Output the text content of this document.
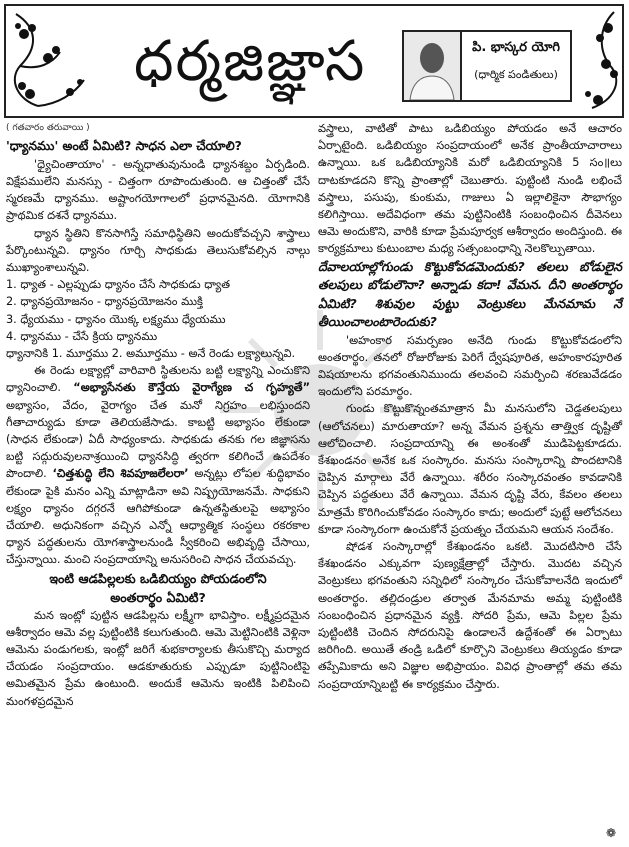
ధర్మజిజ్ఞాస	పి. భాస్కర యోగి
(ధార్మిక పండితులు)

( గతవారం తరువాయి )

'ధ్యానము' అంటే ఏమిటి? సాధన ఎలా చేయాలి?

'ధ్యైచింతాయాం' - అన్నధాతువునుండి ధ్యానశబ్దం ఏర్పడింది. విక్షేపములేని మనస్సు - చిత్తంగా రూపొందుతుంది. ఆ చిత్తంతో చేసే స్మరణమే ధ్యానము. అష్టాంగయోగాలలో ప్రధానమైనది. యోగానికి ప్రాథమిక దశనే ధ్యానము.

ధ్యాన స్థితిని కొనసాగిస్తే సమాధిస్థితిని అందుకోవచ్చని శాస్త్రాలు పేర్కొంటున్నవి. ధ్యానం గూర్చి సాధకుడు తెలుసుకోవల్సిన నాల్గు ముఖ్యాంశాలున్నవి.

1. ధ్యాత - ఎల్లప్పుడు ధ్యానం చేసే సాధకుడు ధ్యాత

2. ధ్యానప్రయోజనం - ధ్యానప్రయోజనం ముక్తి

3. ధ్యేయము - ధ్యానం యొక్క లక్ష్యము ధ్యేయము

4. ధ్యానము - చేసే క్రియ ధ్యానము

ధ్యానానికి 1. మూర్తము 2. అమూర్తము - అనే రెండు లక్ష్యాలున్నవి.

ఈ రెండు లక్ష్యాల్లో వారివారి స్థితులను బట్టి లక్ష్యాన్ని ఎంచుకొని ధ్యానించాలి. “అభ్యాసేనతు కౌన్తేయ వైరాగ్యేణ చ గృహ్యతే” అభ్యాసం, వేదం, వైరాగ్యం చేత మనో నిగ్రహం లభిస్తుందని గీతాచార్యుడు కూడా తెలియజేసాడు. కాబట్టి అభ్యాసం లేకుండా (సాధన లేకుండా) ఏదీ సాధ్యంకాదు. సాధకుడు తనకు గల జిజ్ఞాసను బట్టి సద్గురువులనాశ్రయించి ధ్యానసిద్ధి త్వరగా కలిగించే ఉపదేశం పొందాలి. ‘చిత్తశుద్ధి లేని శివపూజలేలరా’ అన్నట్లు లోపల శుద్ధిభావం లేకుండా పైకి మనం ఎన్ని మాట్లాడినా అవి నిష్ప్రయోజనమే. సాధకుని లక్ష్యం ధ్యానం దగ్గరనే ఆగిపోకుండా ఉన్నతస్థితులపై అభ్యాసం చేయాలి. అధునికంగా వచ్చిన ఎన్నో ఆధ్యాత్మిక సంస్థలు రకరకాల ధ్యాన పద్ధతులను యోగశాస్త్రాలనుండి స్వీకరించి అభివృద్ధి చేసాయి, చేస్తున్నాయి. మంచి సంప్రదాయాన్ని అనుసరించి సాధన చేయవచ్చు.

ఇంటి ఆడపిల్లలకు ఒడిబియ్యం పోయడంలోని
అంతరార్థం ఏమిటి?

మన ఇంట్లో పుట్టిన ఆడపిల్లను లక్ష్మీగా భావిస్తాం. లక్ష్మీప్రదమైన ఆశీర్వాదం ఆమె వల్ల పుట్టింటికి కలుగుతుంది. ఆమె మెట్టినింటికి వెళ్లినా ఆమెను పండుగలకు, ఇంట్లో జరిగే శుభకార్యాలకు తీసుకొచ్చి మర్యాద చేయడం సంప్రదాయం. ఆడకూతురుకు ఎప్పుడూ పుట్టినింటిపై అమితమైన ప్రేమ ఉంటుంది. అందుకే ఆమెను ఇంటికి పిలిపించి మంగళప్రదమైన

వస్త్రాలు, వాటితో పాటు ఒడిబియ్యం పోయడం అనే ఆచారం ఏర్పాటైంది. ఒడిబియ్యం సంప్రదాయంలో అనేక ప్రాంతీయాచారాలు ఉన్నాయి. ఒక ఒడిబియ్యానికి మరో ఒడిబియ్యానికి 5 సం॥లు దాటకూడదని కొన్ని ప్రాంతాల్లో చెబుతారు. పుట్టింటి నుండి లభించే వస్త్రాలు, పసుపు, కుంకుమ, గాజులు ఏ ఇల్లాలికైనా సౌభాగ్యం కలిగిస్తాయి. అదేవిధంగా తమ పుట్టినింటికి సంబంధించిన దీవెనలు ఆమె అందుకొని, వారికి కూడా ప్రేమపూర్వక ఆశీర్వాదం అందిస్తుంది. ఈ కార్యక్రమాలు కుటుంబాల మధ్య సత్సంబంధాన్ని నెలకొల్పుతాయి.

దేవాలయాల్లోగుండు కొట్టుకోవడమెందుకు? తలలు బోడులైన తలపులు బోడులౌనా? అన్నాడు కదా! వేమన. దీని అంతరార్థం ఏమిటి? శిశువుల పుట్టు వెంట్రుకలు మేనమామ నే తీయించాలంటారెందుకు?

'అహంకార సమర్పణం అనేది గుండు కొట్టుకోవడంలోని అంతరార్థం. తనలో రోజురోజుకు పెరిగే ద్వేషపూరిత, అహంకారపూరిత విషయాలను భగవంతునిముందు తలవంచి సమర్పించి శరణువేడడం ఇందులోని పరమార్థం.

గుండు కొట్టుకొన్నంతమాత్రాన మీ మనసులోని చెడ్డతలపులు (ఆలోచనలు) మారుతాయా? అన్న వేమన ప్రశ్నను తాత్త్విక దృష్టితో ఆలోచించాలి. సంప్రదాయాన్ని ఈ అంశంతో ముడిపెట్టకూడదు. కేశఖండనం అనేక ఒక సంస్కారం. మనసు సంస్కారాన్ని పొందటానికి చెప్పిన మార్గాలు వేరే ఉన్నాయి. శరీరం సంస్కారవంతం కావడానికి చెప్పిన పద్ధతులు వేరే ఉన్నాయి. వేమన దృష్టి వేరు, కేవలం తలలు మాత్రమే కొరిగించుకోవడం సంస్కారం కాదు; అందులో పుట్టే ఆలోచనలు కూడా సంస్కారంగా ఉంచుకోనే ప్రయత్నం చేయమని ఆయన సందేశం.

షోడశ సంస్కారాల్లో కేశఖండనం ఒకటి. మొదటిసారి చేసే కేశఖండనం ఎక్కువగా పుణ్యక్షేత్రాల్లో చేస్తారు. మొదట వచ్చిన వెంట్రుకలు భగవంతుని సన్నిధిలో సంస్కారం చేసుకోవాలనేది ఇందులో అంతరార్థం. తల్లిదండ్రుల తర్వాత మేనమామ అమ్మ పుట్టింటికి సంబంధించిన ప్రధానమైన వ్యక్తి. సోదరి ప్రేమ, ఆమె పిల్లల ప్రేమ పుట్టింటికి చెందిన సోదరునిపై ఉండాలనే ఉద్దేశంతో ఈ ఏర్పాటు జరిగింది. అయితే తండ్రి ఒడిలో కూర్చొని వెంట్రుకలు తియ్యడం కూడా తప్పేమికాదు అని విజ్ఞుల అభిప్రాయం. వివిధ ప్రాంతాల్లో తమ తమ సంప్రదాయాన్నిబట్టి ఈ కార్యక్రమం చేస్తారు.

❁
